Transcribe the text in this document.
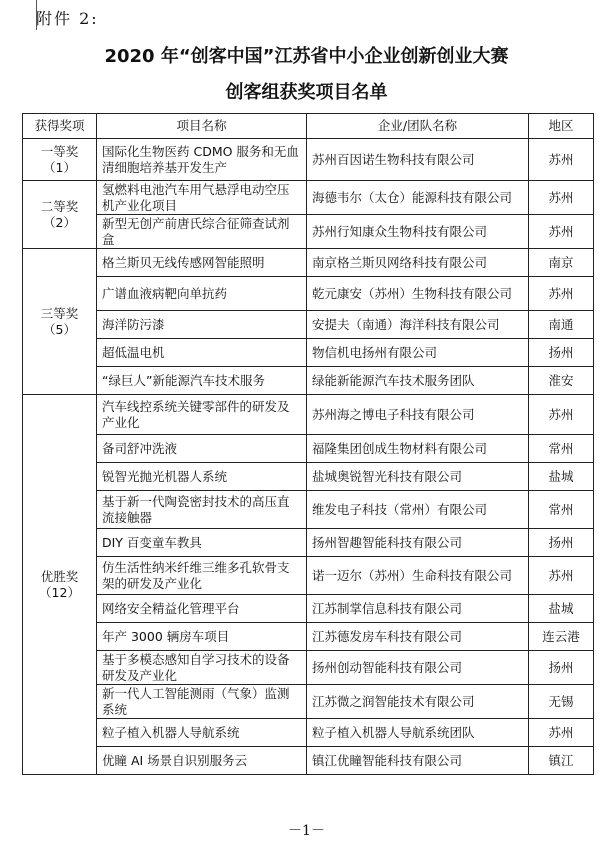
附件 2:
2020 年“创客中国”江苏省中小企业创新创业大赛
创客组获奖项目名单
获得奖项	项目名称	企业/团队名称	地区

一等奖
（1）	国际化生物医药 CDMO 服务和无血清细胞培养基开发生产	苏州百因诺生物科技有限公司	苏州

二等奖
（2）	氢燃料电池汽车用气悬浮电动空压机产业化项目	海德韦尔（太仓）能源科技有限公司	苏州
	新型无创产前唐氏综合征筛查试剂盒	苏州行知康众生物科技有限公司	苏州

三等奖
（5）	格兰斯贝无线传感网智能照明	南京格兰斯贝网络科技有限公司	南京
	广谱血液病靶向单抗药	乾元康安（苏州）生物科技有限公司	苏州
	海洋防污漆	安提夫（南通）海洋科技有限公司	南通
	超低温电机	物信机电扬州有限公司	扬州
	“绿巨人”新能源汽车技术服务	绿能新能源汽车技术服务团队	淮安

优胜奖
（12）	汽车线控系统关键零部件的研发及产业化	苏州海之博电子科技有限公司	苏州
	备司舒冲洗液	福隆集团创成生物材料有限公司	常州
	锐智光抛光机器人系统	盐城奥锐智光科技有限公司	盐城
	基于新一代陶瓷密封技术的高压直流接触器	维发电子科技（常州）有限公司	常州
	DIY 百变童车教具	扬州智趣智能科技有限公司	扬州
	仿生活性纳米纤维三维多孔软骨支架的研发及产业化	诺一迈尔（苏州）生命科技有限公司	苏州
	网络安全精益化管理平台	江苏制掌信息科技有限公司	盐城
	年产 3000 辆房车项目	江苏德发房车科技有限公司	连云港
	基于多模态感知自学习技术的设备研发及产业化	扬州创动智能科技有限公司	扬州
	新一代人工智能测雨（气象）监测系统	江苏微之润智能技术有限公司	无锡
	粒子植入机器人导航系统	粒子植入机器人导航系统团队	苏州
	优瞳 AI 场景自识别服务云	镇江优瞳智能科技有限公司	镇江
－1－
